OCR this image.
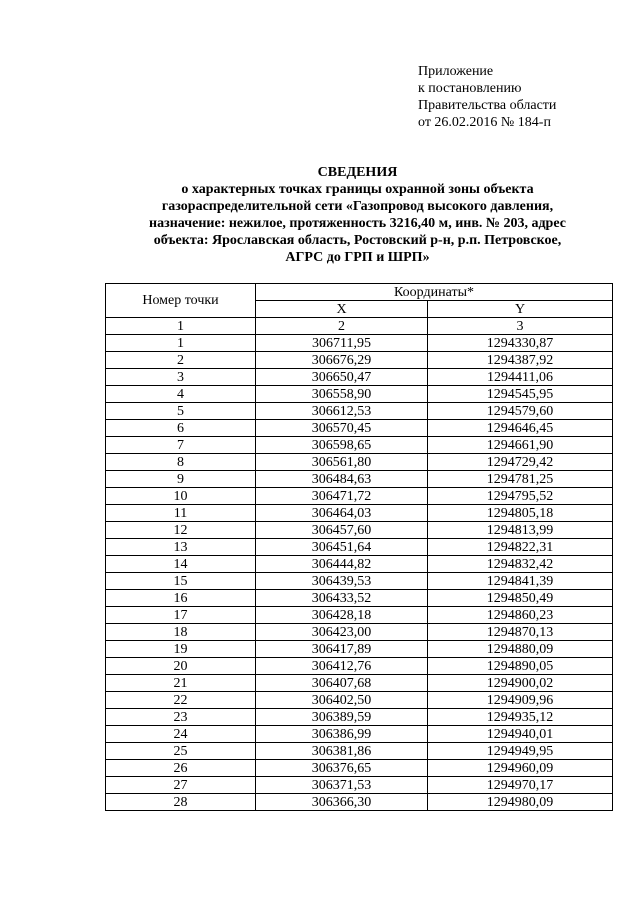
Приложение
к постановлению
Правительства области
от 26.02.2016 № 184-п
СВЕДЕНИЯ
о характерных точках границы охранной зоны объекта
газораспределительной сети «Газопровод высокого давления,
назначение: нежилое, протяженность 3216,40 м, инв. № 203, адрес
объекта: Ярославская область, Ростовский р-н, р.п. Петровское,
АГРС до ГРП и ШРП»
Номер точки	Координаты*	
	X	Y
1	2	3
1	306711,95	1294330,87
2	306676,29	1294387,92
3	306650,47	1294411,06
4	306558,90	1294545,95
5	306612,53	1294579,60
6	306570,45	1294646,45
7	306598,65	1294661,90
8	306561,80	1294729,42
9	306484,63	1294781,25
10	306471,72	1294795,52
11	306464,03	1294805,18
12	306457,60	1294813,99
13	306451,64	1294822,31
14	306444,82	1294832,42
15	306439,53	1294841,39
16	306433,52	1294850,49
17	306428,18	1294860,23
18	306423,00	1294870,13
19	306417,89	1294880,09
20	306412,76	1294890,05
21	306407,68	1294900,02
22	306402,50	1294909,96
23	306389,59	1294935,12
24	306386,99	1294940,01
25	306381,86	1294949,95
26	306376,65	1294960,09
27	306371,53	1294970,17
28	306366,30	1294980,09
